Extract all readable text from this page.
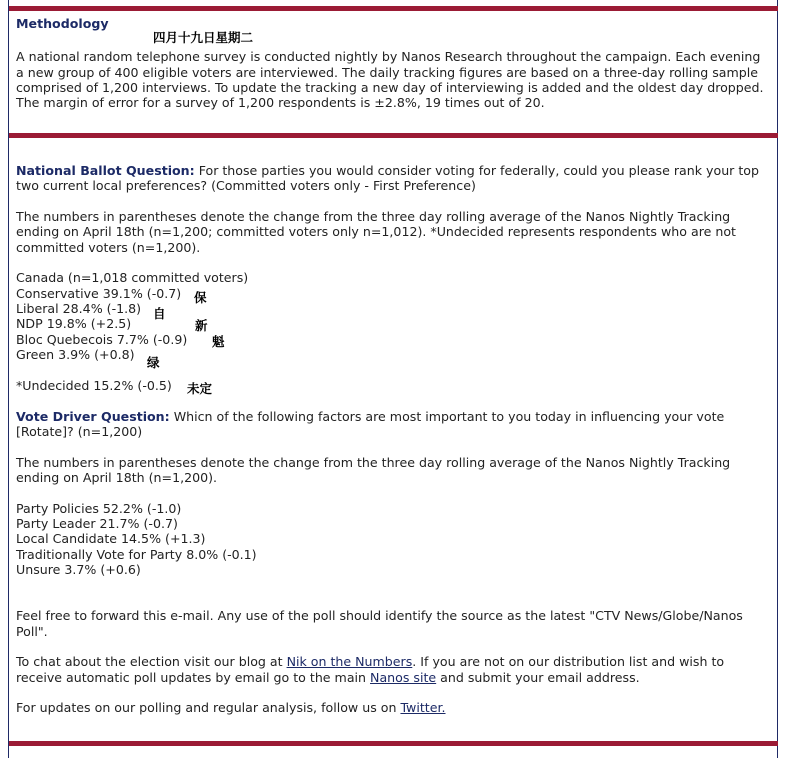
Methodology

A national random telephone survey is conducted nightly by Nanos Research throughout the campaign. Each evening a new group of 400 eligible voters are interviewed. The daily tracking figures are based on a three-day rolling sample comprised of 1,200 interviews. To update the tracking a new day of interviewing is added and the oldest day dropped. The margin of error for a survey of 1,200 respondents is ±2.8%, 19 times out of 20.

四月十九日星期二

National Ballot Question: For those parties you would consider voting for federally, could you please rank your top two current local preferences? (Committed voters only - First Preference)

The numbers in parentheses denote the change from the three day rolling average of the Nanos Nightly Tracking ending on April 18th (n=1,200; committed voters only n=1,012). *Undecided represents respondents who are not committed voters (n=1,200).

Canada (n=1,018 committed voters)

Conservative 39.1% (-0.7)

Liberal 28.4% (-1.8)

NDP 19.8% (+2.5)

Bloc Quebecois 7.7% (-0.9)

Green 3.9% (+0.8)

*Undecided 15.2% (-0.5)

Vote Driver Question: Whicn of the following factors are most important to you today in influencing your vote [Rotate]? (n=1,200)

The numbers in parentheses denote the change from the three day rolling average of the Nanos Nightly Tracking ending on April 18th (n=1,200).

Party Policies 52.2% (-1.0)

Party Leader 21.7% (-0.7)

Local Candidate 14.5% (+1.3)

Traditionally Vote for Party 8.0% (-0.1)

Unsure 3.7% (+0.6)

Feel free to forward this e-mail. Any use of the poll should identify the source as the latest "CTV News/Globe/Nanos Poll".

To chat about the election visit our blog at Nik on the Numbers. If you are not on our distribution list and wish to receive automatic poll updates by email go to the main Nanos site and submit your email address.

For updates on our polling and regular analysis, follow us on Twitter.

保
自
新
魁
绿
未定
